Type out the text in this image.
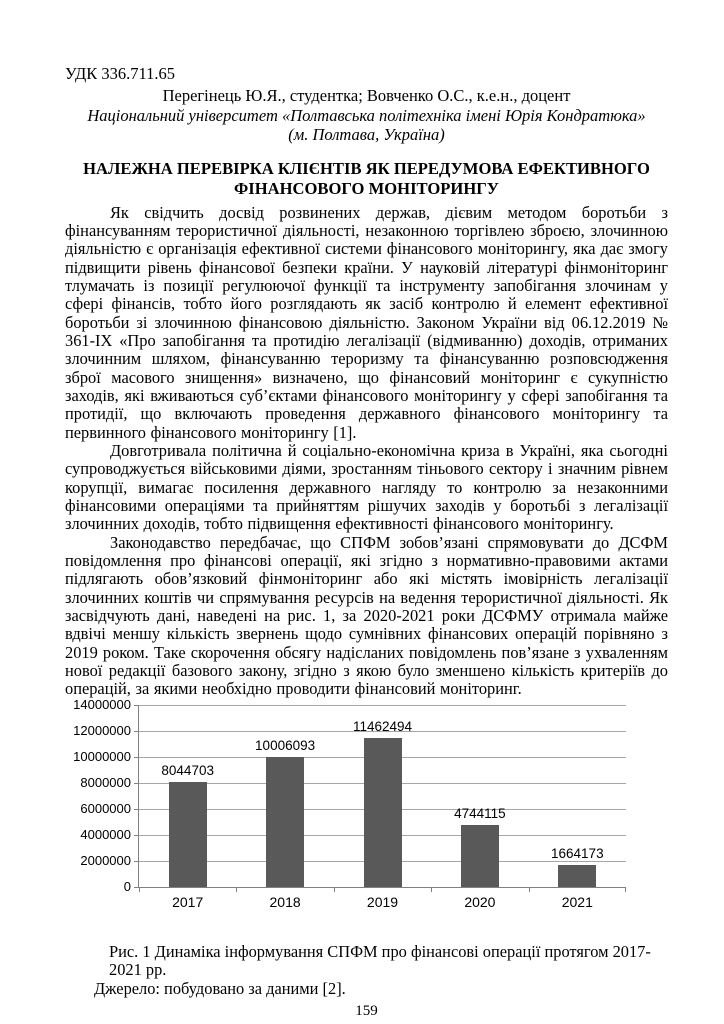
УДК 336.711.65
Перегінець Ю.Я., студентка; Вовченко О.С., к.е.н., доцент
Національний університет «Полтавська політехніка імені Юрія Кондратюка»
(м. Полтава, Україна)
НАЛЕЖНА ПЕРЕВІРКА КЛІЄНТІВ ЯК ПЕРЕДУМОВА ЕФЕКТИВНОГО ФІНАНСОВОГО МОНІТОРИНГУ

Як свідчить досвід розвинених держав, дієвим методом боротьби з фінансуванням терористичної діяльності, незаконною торгівлею зброєю, злочинною діяльністю є організація ефективної системи фінансового моніторингу, яка дає змогу підвищити рівень фінансової безпеки країни. У науковій літературі фінмоніторинг тлумачать із позиції регулюючої функції та інструменту запобігання злочинам у сфері фінансів, тобто його розглядають як засіб контролю й елемент ефективної боротьби зі злочинною фінансовою діяльністю. Законом України від 06.12.2019 № 361-IX «Про запобігання та протидію легалізації (відмиванню) доходів, отриманих злочинним шляхом, фінансуванню тероризму та фінансуванню розповсюдження зброї масового знищення» визначено, що фінансовий моніторинг є сукупністю заходів, які вживаються суб’єктами фінансового моніторингу у сфері запобігання та протидії, що включають проведення державного фінансового моніторингу та первинного фінансового моніторингу [1].

Довготривала політична й соціально-економічна криза в Україні, яка сьогодні супроводжується військовими діями, зростанням тіньового сектору і значним рівнем корупції, вимагає посилення державного нагляду то контролю за незаконними фінансовими операціями та прийняттям рішучих заходів у боротьбі з легалізації злочинних доходів, тобто підвищення ефективності фінансового моніторингу.

Законодавство передбачає, що СПФМ зобов’язані спрямовувати до ДСФМ повідомлення про фінансові операції, які згідно з нормативно-правовими актами підлягають обов’язковий фінмоніторинг або які містять імовірність легалізації злочинних коштів чи спрямування ресурсів на ведення терористичної діяльності. Як засвідчують дані, наведені на рис. 1, за 2020-2021 роки ДСФМУ отримала майже вдвічі меншу кількість звернень щодо сумнівних фінансових операцій порівняно з 2019 роком. Таке скорочення обсягу надісланих повідомлень пов’язане з ухваленням нової редакції базового закону, згідно з якою було зменшено кількість критеріїв до операцій, за якими необхідно проводити фінансовий моніторинг.

14000000
12000000
10000000
8000000
6000000
4000000
2000000
0
8044703
2017
10006093
2018
11462494
2019
4744115
2020
1664173
2021
Рис. 1 Динаміка інформування СПФМ про фінансові операції протягом 2017-2021 рр.
Джерело: побудовано за даними [2].
159
